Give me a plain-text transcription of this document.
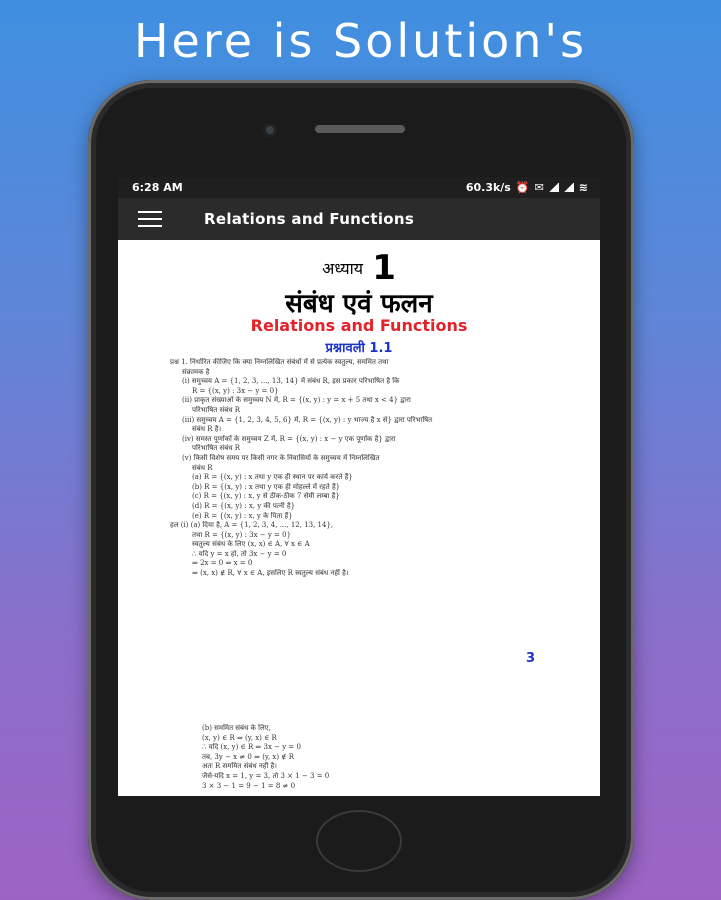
Here is Solution's
6:28 AM	60.3k/s ⏰ ✉	≋
Relations and Functions
अध्याय 1
संबंध एवं फलन
Relations and Functions
प्रश्नावली 1.1
प्रश्न 1. निर्धारित कीजिए कि क्या निम्नलिखित संबंधों में से प्रत्येक स्वतुल्य, सममित तथा
संक्रामक है
(i) समुच्चय A = {1, 2, 3, ..., 13, 14} में संबंध R, इस प्रकार परिभाषित है कि
R = {(x, y) : 3x − y = 0}
(ii) प्राकृत संख्याओं के समुच्चय N में, R = {(x, y) : y = x + 5 तथा x < 4} द्वारा
परिभाषित संबंध R
(iii) समुच्चय A = {1, 2, 3, 4, 5, 6} में, R = {(x, y) : y भाज्य है x से} द्वारा परिभाषित
संबंध R है।
(iv) समस्त पूर्णांकों के समुच्चय Z में, R = {(x, y) : x − y एक पूर्णांक है} द्वारा
परिभाषित संबंध R
(v) किसी विशेष समय पर किसी नगर के निवासियों के समुच्चय में निम्नलिखित
संबंध R
(a) R = {(x, y) : x तथा y एक ही स्थान पर कार्य करते हैं}
(b) R = {(x, y) : x तथा y एक ही मोहल्ले में रहते हैं}
(c) R = {(x, y) : x, y से ठीक-ठीक 7 सेमी लम्बा है}
(d) R = {(x, y) : x, y की पत्नी है}
(e) R = {(x, y) : x, y के पिता हैं}
हल (i) (a) दिया है, A = {1, 2, 3, 4, ..., 12, 13, 14},
तथा R = {(x, y) : 3x − y = 0}
स्वतुल्य संबंध के लिए (x, x) ∈ A, ∀ x ∈ A
∴ यदि y = x हो, तो 3x − y = 0
⇒ 2x = 0 ⇒ x = 0
⇒ (x, x) ∉ R, ∀ x ∈ A, इसलिए R स्वतुल्य संबंध नहीं है।
3
(b) सममित संबंध के लिए,
(x, y) ∈ R ⇒ (y, x) ∈ R
∴ यदि (x, y) ∈ R ⇒ 3x − y = 0
तब, 3y − x ≠ 0 ⇒ (y, x) ∉ R
अतः R सममित संबंध नहीं है।
जैसे-यदि x = 1, y = 3, तो 3 × 1 − 3 = 0
3 × 3 − 1 = 9 − 1 = 8 ≠ 0
